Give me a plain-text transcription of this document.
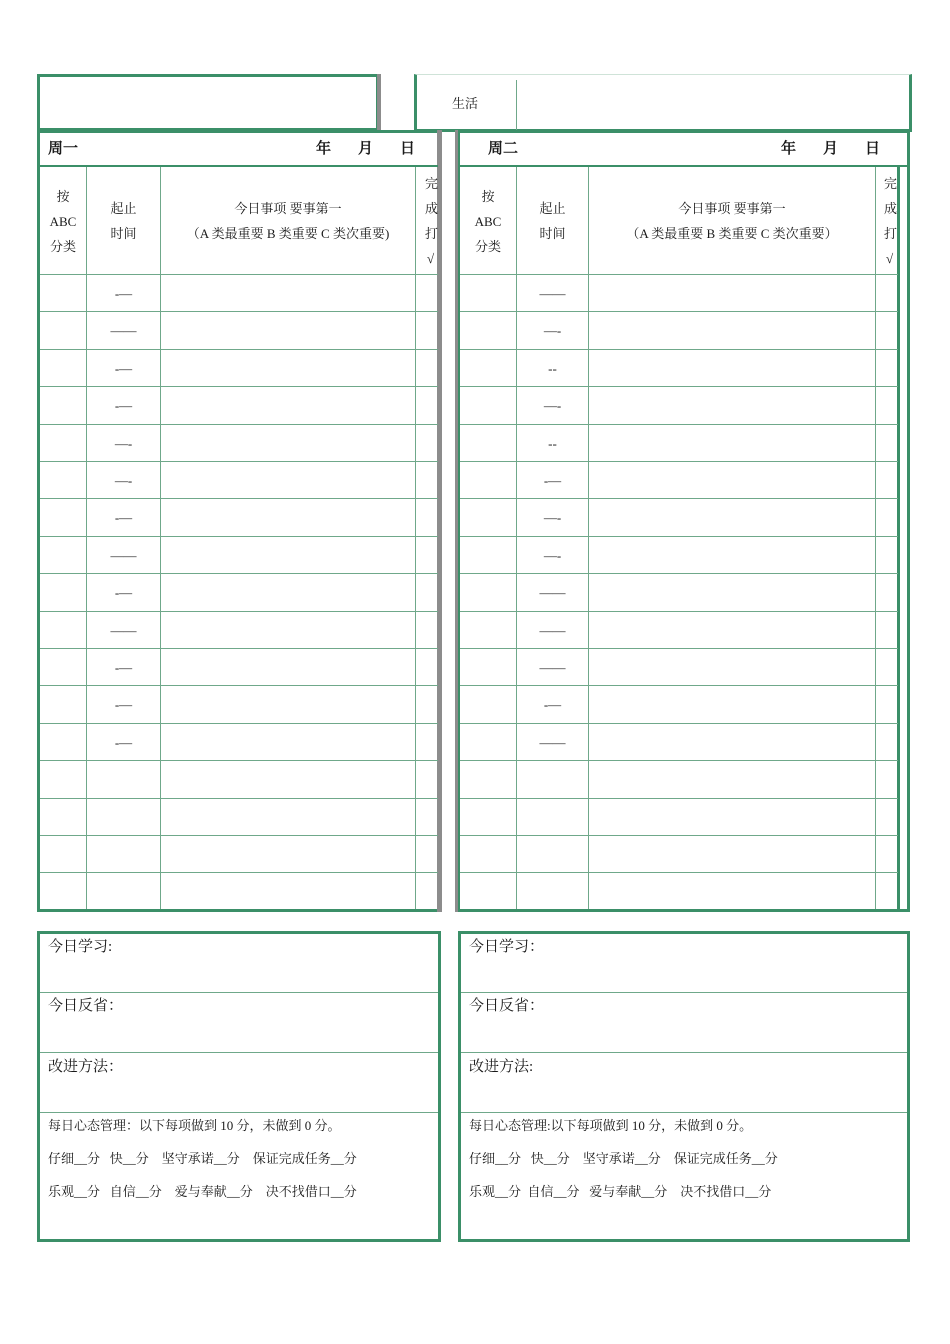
生活
周一	年 月 日
按
ABC
分类
起止
时间
今日事项 要事第一
（A 类最重要 B 类重要 C 类次重要)
完
成
打
√
-—
——
-—
-—
—-
—-
-—
——
-—
——
-—
-—
-—
周二	年 月 日
按
ABC
分类
起止
时间
今日事项 要事第一
（A 类最重要 B 类重要 C 类次重要）
完
成
打
√
——
—-
--
—-
--
-—
—-
—-
——
——
——
-—
——
今日学习:
今日反省：
改进方法：
每日心态管理：以下每项做到 10 分，未做到 0 分。
仔细__分   快__分    坚守承诺__分    保证完成任务__分
乐观__分   自信__分    爱与奉献__分    决不找借口__分
今日学习：
今日反省：
改进方法:
每日心态管理:以下每项做到 10 分，未做到 0 分。
仔细__分   快__分    坚守承诺__分    保证完成任务__分
乐观__分  自信__分   爱与奉献__分    决不找借口__分
